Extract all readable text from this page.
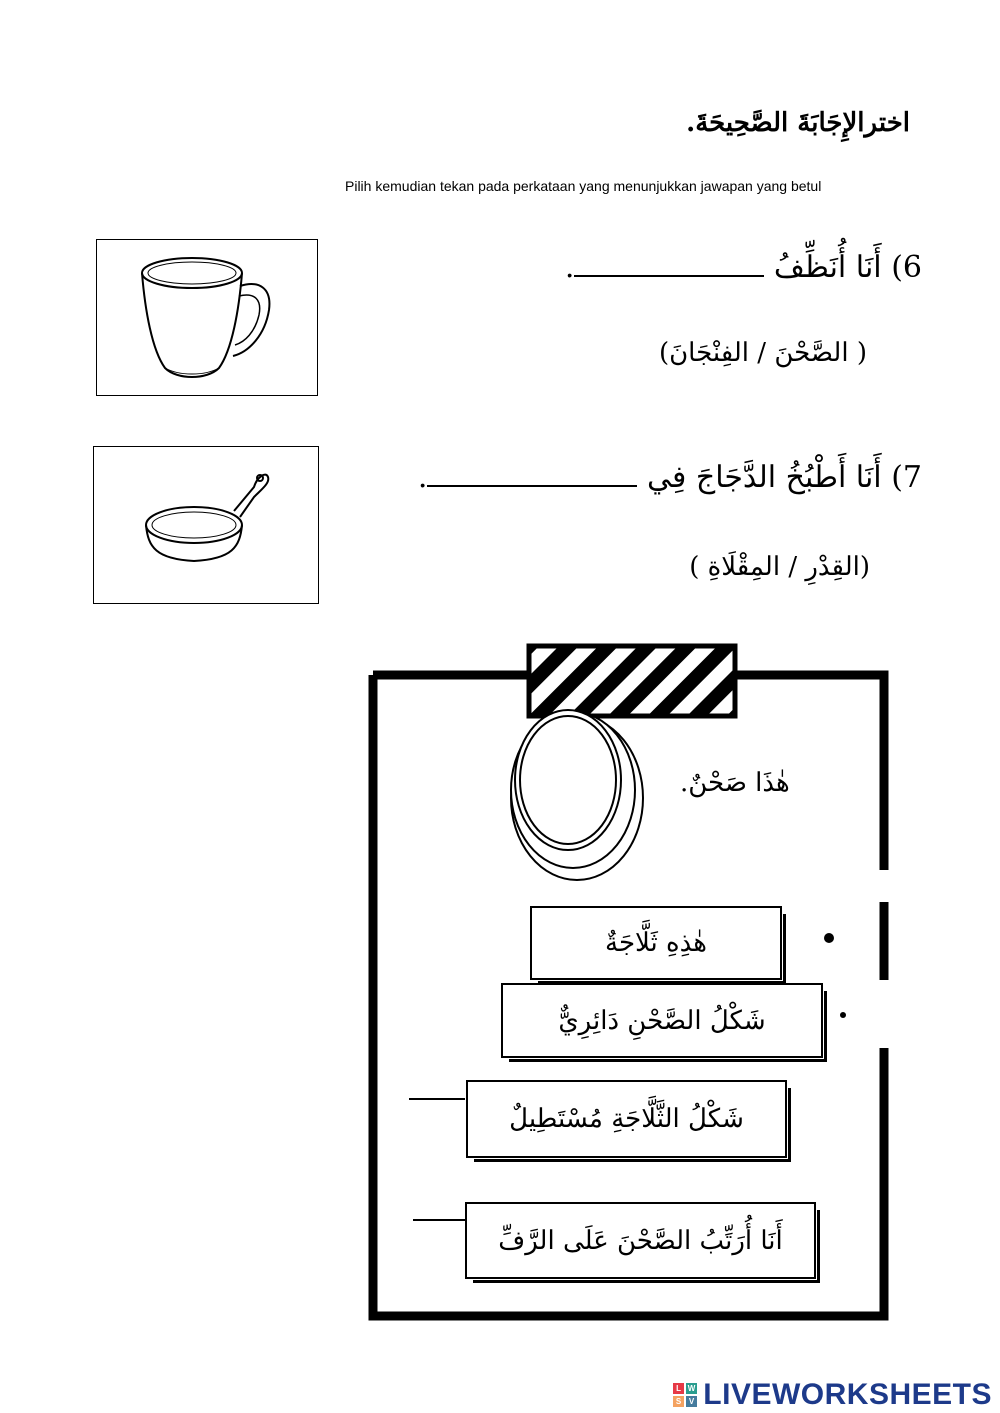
اخترالإِجَابَةَ الصَّحِيحَةَ.
Pilih kemudian tekan pada perkataan yang menunjukkan jawapan yang betul
6) أَنَا أُنَظِّفُ .
( الصَّحْنَ / الفِنْجَانَ)
7) أَنَا أَطْبُخُ الدَّجَاجَ فِي .
(القِدْرِ / المِقْلَاةِ )
هٰذَا صَحْنٌ.
هٰذِهِ ثَلَّاجَةٌ
شَكْلُ الصَّحْنِ دَائِرِيٌّ
شَكْلُ الثَّلَّاجَةِ مُسْتَطِيلٌ
أَنَا أُرَتِّبُ الصَّحْنَ عَلَى الرَّفِّ
L W
S V LIVEWORKSHEETS
